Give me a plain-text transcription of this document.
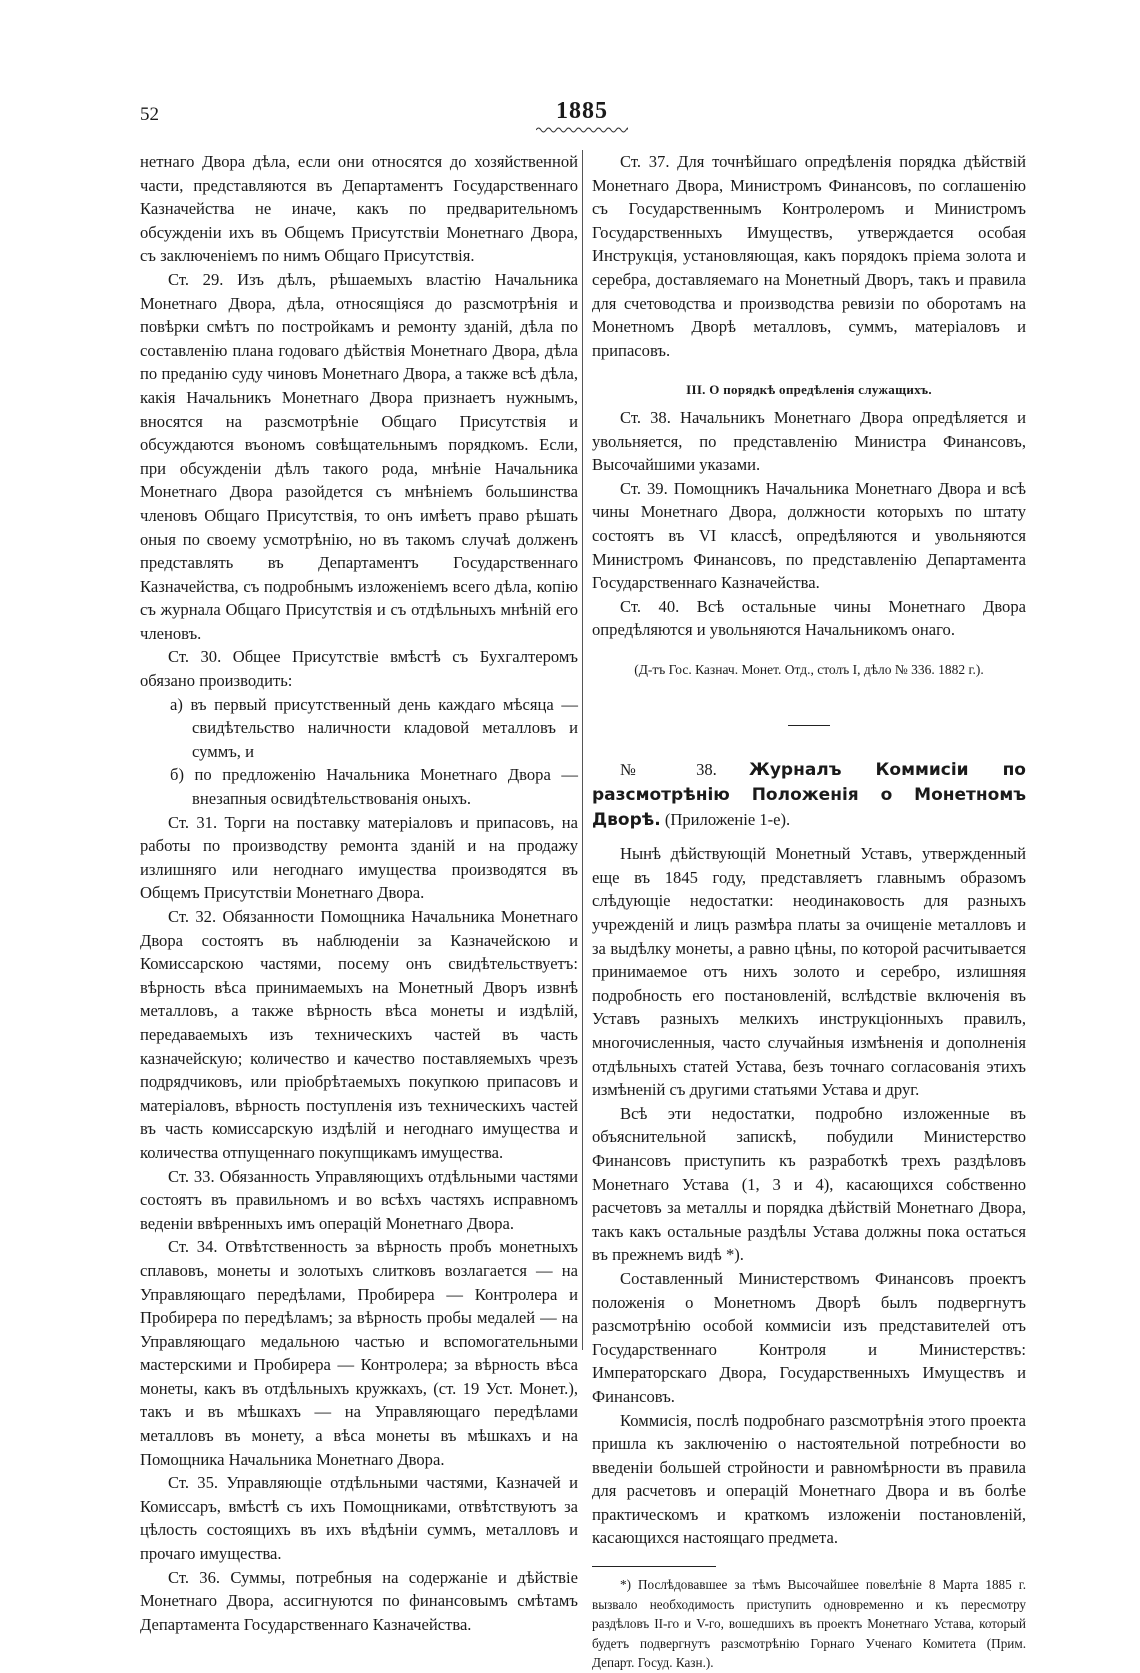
52	1885

нетнаго Двора дѣла, если они относятся до хозяйственной части, представляются въ Департаментъ Государственнаго Казначейства не иначе, какъ по предварительномъ обсужденіи ихъ въ Общемъ Присутствіи Монетнаго Двора, съ заключеніемъ по нимъ Общаго Присутствія.

Ст. 29. Изъ дѣлъ, рѣшаемыхъ властію Начальника Монетнаго Двора, дѣла, относящіяся до разсмотрѣнія и повѣрки смѣтъ по постройкамъ и ремонту зданій, дѣла по составленію плана годоваго дѣйствія Монетнаго Двора, дѣла по преданію суду чиновъ Монетнаго Двора, а также всѣ дѣла, какія Начальникъ Монетнаго Двора признаетъ нужнымъ, вносятся на разсмотрѣніе Общаго Присутствія и обсуждаются въономъ совѣщательнымъ порядкомъ. Если, при обсужденіи дѣлъ такого рода, мнѣніе Начальника Монетнаго Двора разойдется съ мнѣніемъ большинства членовъ Общаго Присутствія, то онъ имѣетъ право рѣшать оныя по своему усмотрѣнію, но въ такомъ случаѣ долженъ представлять въ Департаментъ Государственнаго Казначейства, съ подробнымъ изложеніемъ всего дѣла, копію съ журнала Общаго Присутствія и съ отдѣльныхъ мнѣній его членовъ.

Ст. 30. Общее Присутствіе вмѣстѣ съ Бухгалтеромъ обязано производить:

а) въ первый присутственный день каждаго мѣсяца — свидѣтельство наличности кладовой металловъ и суммъ, и

б) по предложенію Начальника Монетнаго Двора — внезапныя освидѣтельствованія оныхъ.

Ст. 31. Торги на поставку матеріаловъ и припасовъ, на работы по производству ремонта зданій и на продажу излишняго или негоднаго имущества производятся въ Общемъ Присутствіи Монетнаго Двора.

Ст. 32. Обязанности Помощника Начальника Монетнаго Двора состоятъ въ наблюденіи за Казначейскою и Комиссарскою частями, посему онъ свидѣтельствуетъ: вѣрность вѣса принимаемыхъ на Монетный Дворъ извнѣ металловъ, а также вѣрность вѣса монеты и издѣлій, передаваемыхъ изъ техническихъ частей въ часть казначейскую; количество и качество поставляемыхъ чрезъ подрядчиковъ, или пріобрѣтаемыхъ покупкою припасовъ и матеріаловъ, вѣрность поступленія изъ техническихъ частей въ часть комиссарскую издѣлій и негоднаго имущества и количества отпущеннаго покупщикамъ имущества.

Ст. 33. Обязанность Управляющихъ отдѣльными частями состоятъ въ правильномъ и во всѣхъ частяхъ исправномъ веденіи ввѣренныхъ имъ операцій Монетнаго Двора.

Ст. 34. Отвѣтственность за вѣрность пробъ монетныхъ сплавовъ, монеты и золотыхъ слитковъ возлагается — на Управляющаго передѣлами, Пробирера — Контролера и Пробирера по передѣламъ; за вѣрность пробы медалей — на Управляющаго медальною частью и вспомогательными мастерскими и Пробирера — Контролера; за вѣрность вѣса монеты, какъ въ отдѣльныхъ кружкахъ, (ст. 19 Уст. Монет.), такъ и въ мѣшкахъ — на Управляющаго передѣлами металловъ въ монету, а вѣса монеты въ мѣшкахъ и на Помощника Начальника Монетнаго Двора.

Ст. 35. Управляющіе отдѣльными частями, Казначей и Комиссаръ, вмѣстѣ съ ихъ Помощниками, отвѣтствуютъ за цѣлость состоящихъ въ ихъ вѣдѣніи суммъ, металловъ и прочаго имущества.

Ст. 36. Суммы, потребныя на содержаніе и дѣйствіе Монетнаго Двора, ассигнуются по финансовымъ смѣтамъ Департамента Государственнаго Казначейства.

Ст. 37. Для точнѣйшаго опредѣленія порядка дѣйствій Монетнаго Двора, Министромъ Финансовъ, по соглашенію съ Государственнымъ Контролеромъ и Министромъ Государственныхъ Имуществъ, утверждается особая Инструкція, установляющая, какъ порядокъ пріема золота и серебра, доставляемаго на Монетный Дворъ, такъ и правила для счетоводства и производства ревизіи по оборотамъ на Монетномъ Дворѣ металловъ, суммъ, матеріаловъ и припасовъ.

III. О порядкѣ опредѣленія служащихъ.

Ст. 38. Начальникъ Монетнаго Двора опредѣляется и увольняется, по представленію Министра Финансовъ, Высочайшими указами.

Ст. 39. Помощникъ Начальника Монетнаго Двора и всѣ чины Монетнаго Двора, должности которыхъ по штату состоятъ въ VI классѣ, опредѣляются и увольняются Министромъ Финансовъ, по представленію Департамента Государственнаго Казначейства.

Ст. 40. Всѣ остальные чины Монетнаго Двора опредѣляются и увольняются Начальникомъ онаго.

(Д-тъ Гос. Казнач. Монет. Отд., столъ I, дѣло № 336. 1882 г.).

№ 38. Журналъ Коммисіи по разсмотрѣнію Положенія о Монетномъ Дворѣ. (Приложеніе 1-е).

Нынѣ дѣйствующій Монетный Уставъ, утвержденный еще въ 1845 году, представляетъ главнымъ образомъ слѣдующіе недостатки: неодинаковость для разныхъ учрежденій и лицъ размѣра платы за очищеніе металловъ и за выдѣлку монеты, а равно цѣны, по которой расчитывается принимаемое отъ нихъ золото и серебро, излишняя подробность его постановленій, вслѣдствіе включенія въ Уставъ разныхъ мелкихъ инструкціонныхъ правилъ, многочисленныя, часто случайныя измѣненія и дополненія отдѣльныхъ статей Устава, безъ точнаго согласованія этихъ измѣненій съ другими статьями Устава и друг.

Всѣ эти недостатки, подробно изложенные въ объяснительной запискѣ, побудили Министерство Финансовъ приступить къ разработкѣ трехъ раздѣловъ Монетнаго Устава (1, 3 и 4), касающихся собственно расчетовъ за металлы и порядка дѣйствій Монетнаго Двора, такъ какъ остальные раздѣлы Устава должны пока остаться въ прежнемъ видѣ *).

Составленный Министерствомъ Финансовъ проектъ положенія о Монетномъ Дворѣ былъ подвергнутъ разсмотрѣнію особой коммисіи изъ представителей отъ Государственнаго Контроля и Министерствъ: Императорскаго Двора, Государственныхъ Имуществъ и Финансовъ.

Коммисія, послѣ подробнаго разсмотрѣнія этого проекта пришла къ заключенію о настоятельной потребности во введеніи большей стройности и равномѣрности въ правила для расчетовъ и операцій Монетнаго Двора и въ болѣе практическомъ и краткомъ изложеніи постановленій, касающихся настоящаго предмета.

*) Послѣдовавшее за тѣмъ Высочайшее повелѣніе 8 Марта 1885 г. вызвало необходимость приступить одновременно и къ пересмотру раздѣловъ II-го и V-го, вошедшихъ въ проектъ Монетнаго Устава, который будетъ подвергнутъ разсмотрѣнію Горнаго Ученаго Комитета (Прим. Департ. Госуд. Казн.).
